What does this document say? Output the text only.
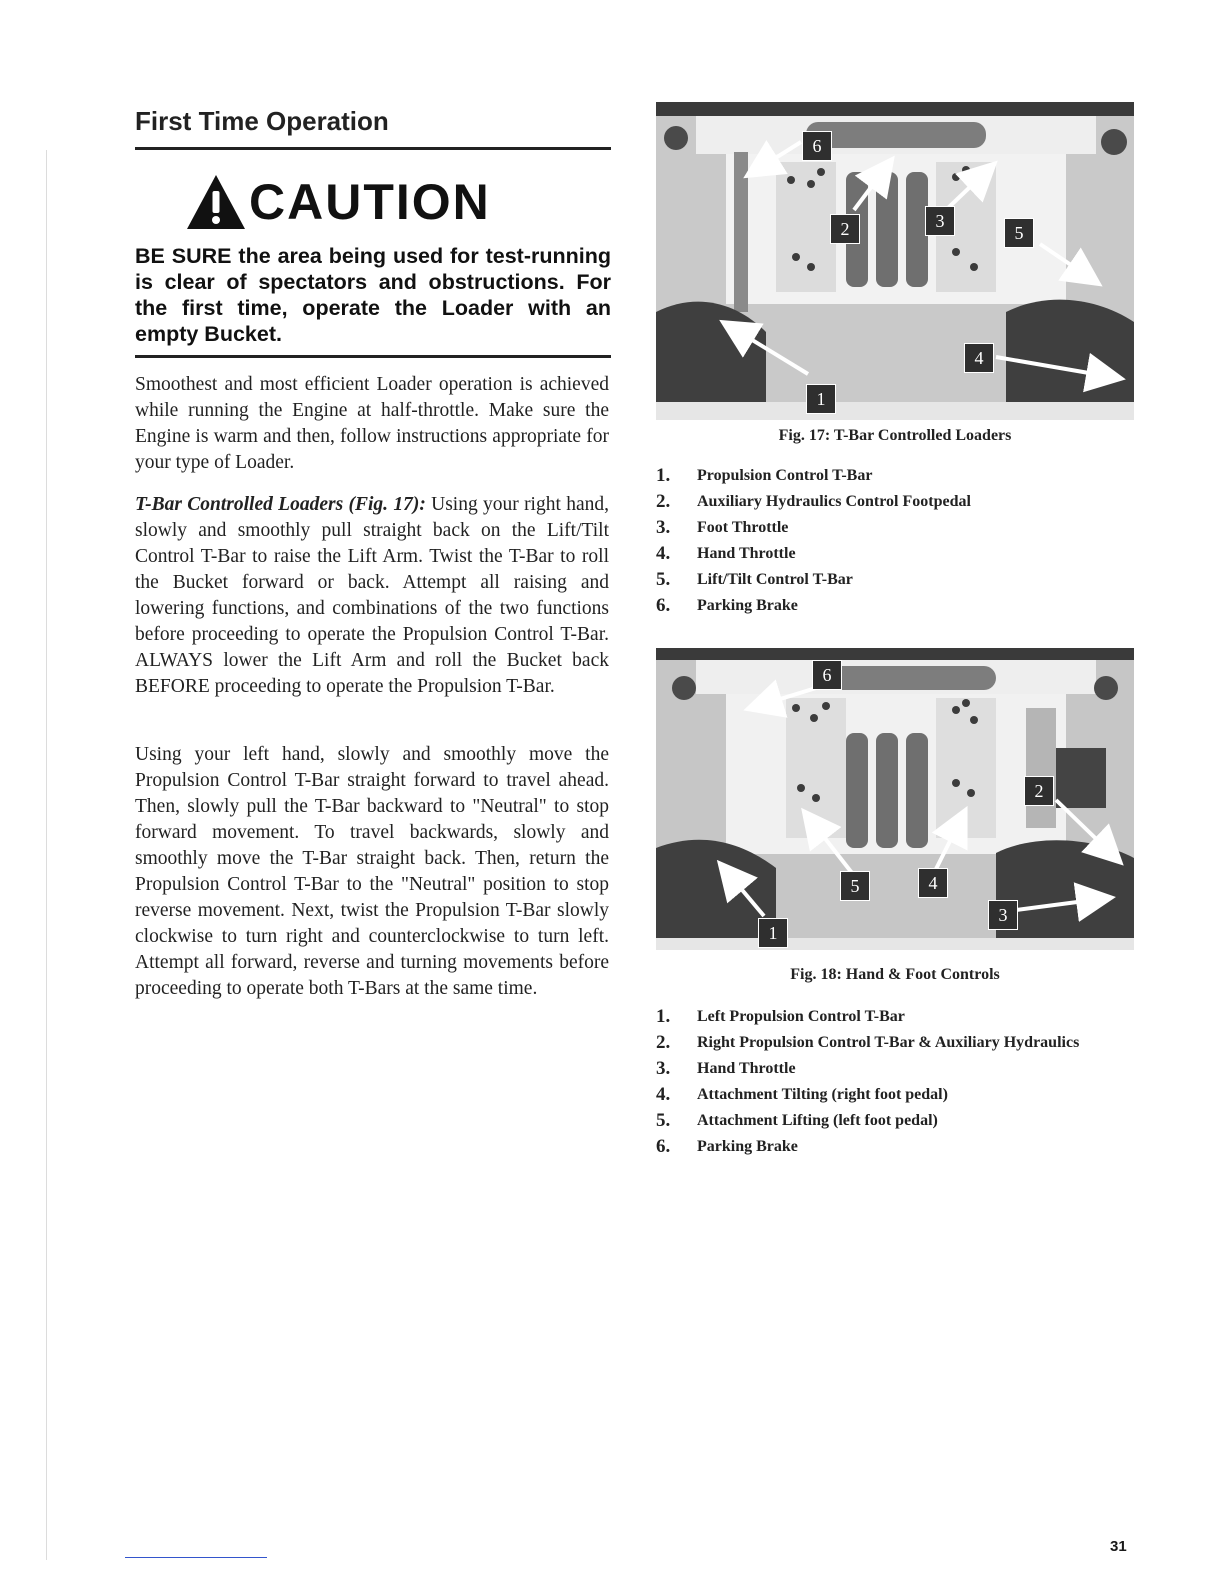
First Time Operation
CAUTION
BE SURE the area being used for test-running is clear of spectators and obstructions. For the first time, operate the Loader with an empty Bucket.

Smoothest and most efficient Loader operation is achieved while running the Engine at half-throttle. Make sure the Engine is warm and then, follow instructions appropriate for your type of Loader.

T-Bar Controlled Loaders (Fig. 17): Using your right hand, slowly and smoothly pull straight back on the Lift/Tilt Control T-Bar to raise the Lift Arm. Twist the T-Bar to roll the Bucket forward or back. Attempt all raising and lowering functions, and combinations of the two functions before proceeding to operate the Propulsion Control T-Bar. ALWAYS lower the Lift Arm and roll the Bucket back BEFORE proceeding to operate the Propulsion T-Bar.

Using your left hand, slowly and smoothly move the Propulsion Control T-Bar straight forward to travel ahead. Then, slowly pull the T-Bar backward to "Neutral" to stop forward movement. To travel backwards, slowly and smoothly move the T-Bar straight back. Then, return the Propulsion Control T-Bar to the "Neutral" position to stop reverse movement. Next, twist the Propulsion T-Bar slowly clockwise to turn right and counterclockwise to turn left. Attempt all forward, reverse and turning movements before proceeding to operate both T-Bars at the same time.

6
2	3
5
4
1
Fig. 17: T-Bar Controlled Loaders
1.	Propulsion Control T-Bar
2.	Auxiliary Hydraulics Control Footpedal
3.	Foot Throttle
4.	Hand Throttle
5.	Lift/Tilt Control T-Bar
6.	Parking Brake
6
2
5	4
3
1
Fig. 18: Hand & Foot Controls
1.	Left Propulsion Control T-Bar
2.	Right Propulsion Control T-Bar & Auxiliary Hydraulics
3.	Hand Throttle
4.	Attachment Tilting (right foot pedal)
5.	Attachment Lifting (left foot pedal)
6.	Parking Brake
31
